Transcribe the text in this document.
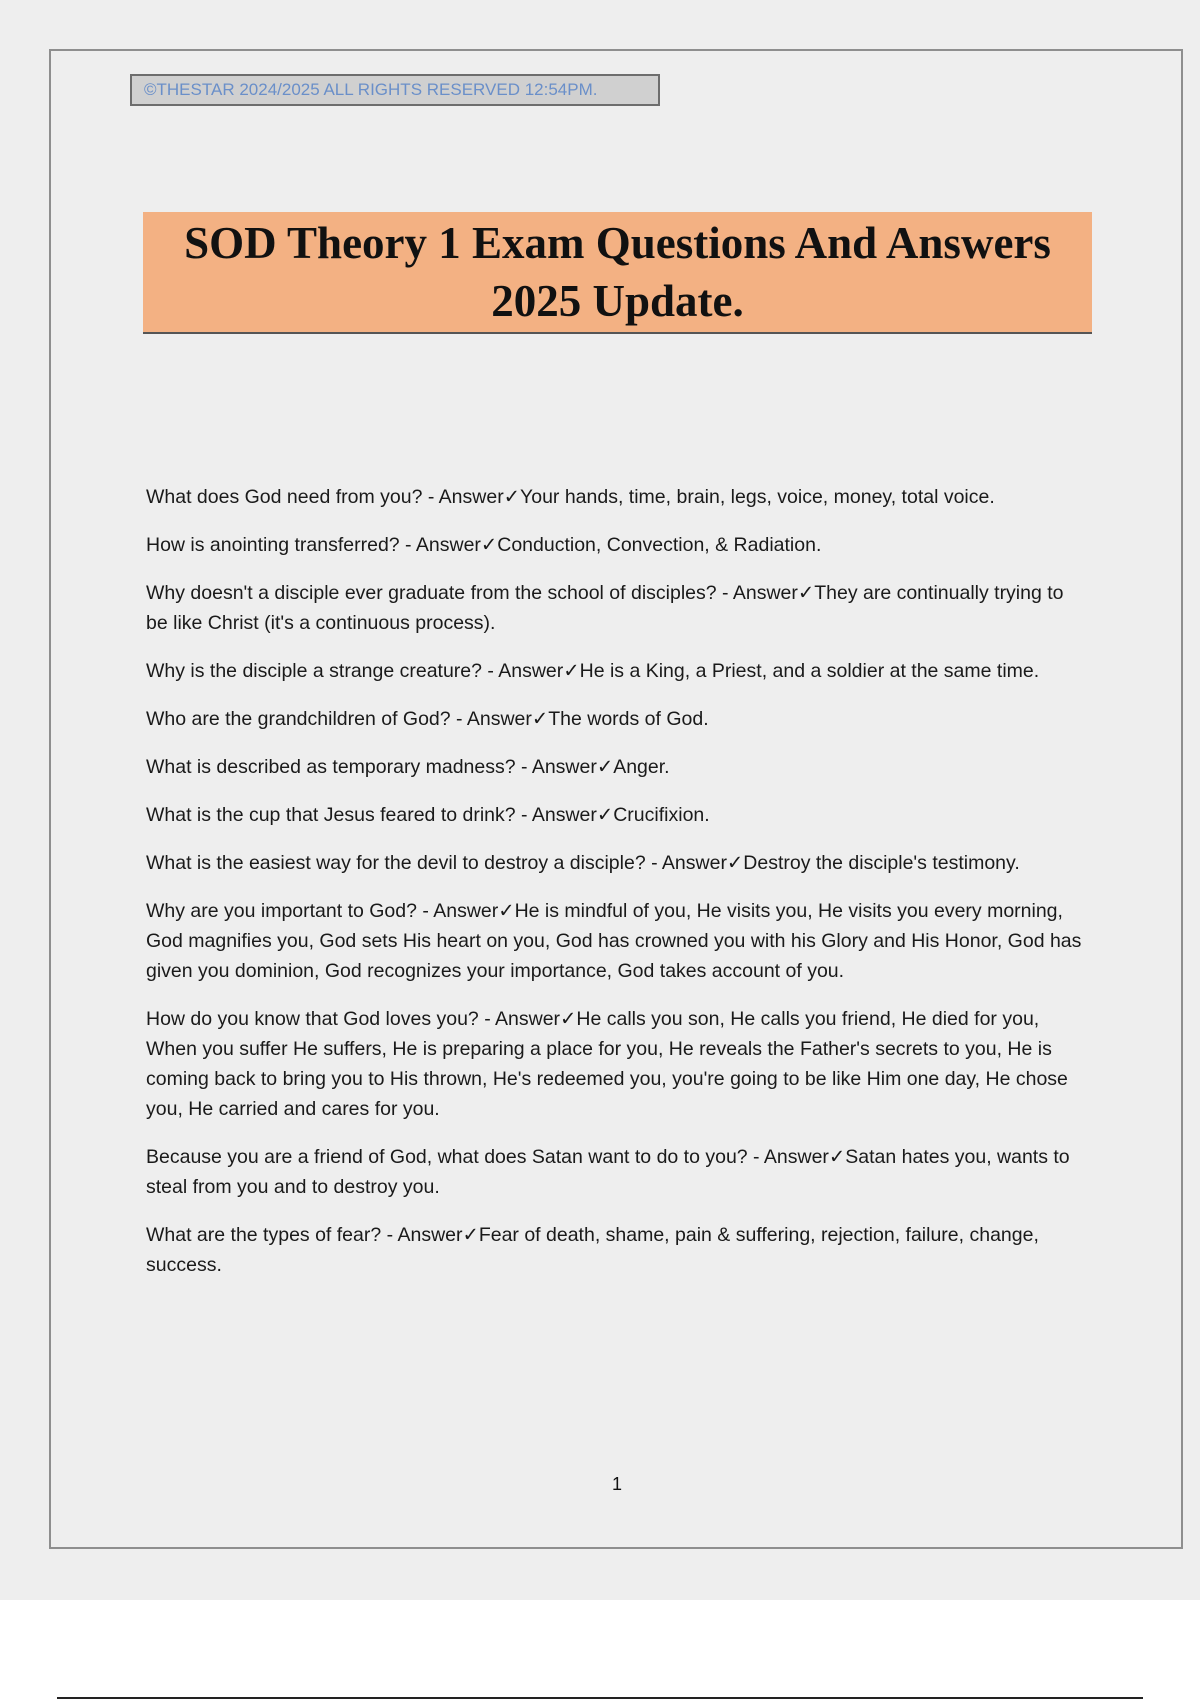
©THESTAR 2024/2025 ALL RIGHTS RESERVED 12:54PM.
SOD Theory 1 Exam Questions And Answers
2025 Update.
What does God need from you? - Answer✓Your hands, time, brain, legs, voice, money, total voice.
How is anointing transferred? - Answer✓Conduction, Convection, & Radiation.
Why doesn't a disciple ever graduate from the school of disciples? - Answer✓They are continually trying to be like Christ (it's a continuous process).
Why is the disciple a strange creature? - Answer✓He is a King, a Priest, and a soldier at the same time.
Who are the grandchildren of God? - Answer✓The words of God.
What is described as temporary madness? - Answer✓Anger.
What is the cup that Jesus feared to drink? - Answer✓Crucifixion.
What is the easiest way for the devil to destroy a disciple? - Answer✓Destroy the disciple's testimony.
Why are you important to God? - Answer✓He is mindful of you, He visits you, He visits you every morning, God magnifies you, God sets His heart on you, God has crowned you with his Glory and His Honor, God has given you dominion, God recognizes your importance, God takes account of you.
How do you know that God loves you? - Answer✓He calls you son, He calls you friend, He died for you, When you suffer He suffers, He is preparing a place for you, He reveals the Father's secrets to you, He is coming back to bring you to His thrown, He's redeemed you, you're going to be like Him one day, He chose you, He carried and cares for you.
Because you are a friend of God, what does Satan want to do to you? - Answer✓Satan hates you, wants to steal from you and to destroy you.
What are the types of fear? - Answer✓Fear of death, shame, pain & suffering, rejection, failure, change, success.
1
